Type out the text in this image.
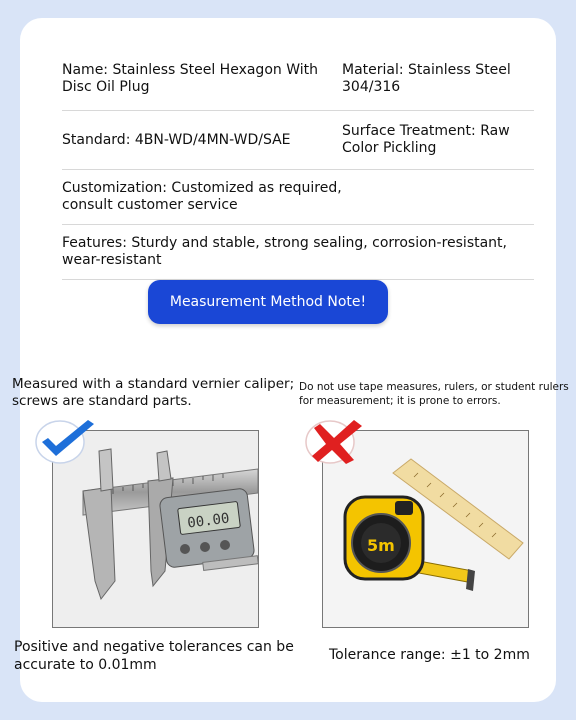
Name: Stainless Steel Hexagon With Disc Oil Plug
Material: Stainless Steel 304/316
Standard: 4BN-WD/4MN-WD/SAE
Surface Treatment: Raw Color Pickling
Customization: Customized as required, consult customer service
Features: Sturdy and stable, strong sealing, corrosion-resistant, wear-resistant
Measurement Method Note!
Measured with a standard vernier caliper; screws are standard parts.
Do not use tape measures, rulers, or student rulers for measurement; it is prone to errors.
00.00
5m
Positive and negative tolerances can be accurate to 0.01mm
Tolerance range: ±1 to 2mm
